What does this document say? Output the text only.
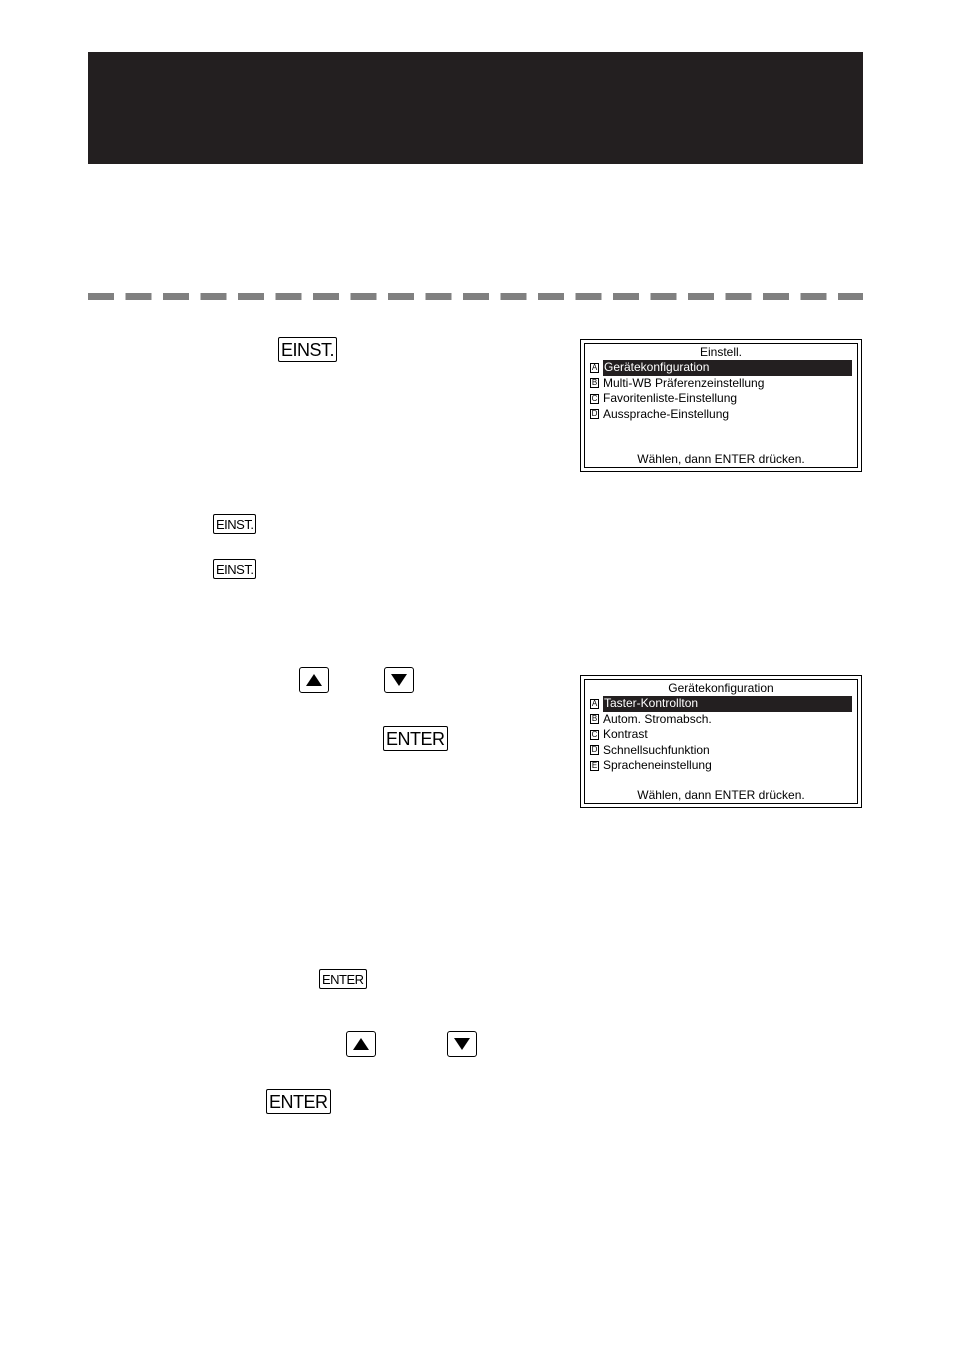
EINST.	Einstell.
A Gerätekonfiguration
B Multi-WB Präferenzeinstellung
C Favoritenliste-Einstellung
D Aussprache-Einstellung
Wählen, dann ENTER drücken.
EINST.
EINST.
ENTER
Gerätekonfiguration
A Taster-Kontrollton
B Autom. Stromabsch.
C Kontrast
D Schnellsuchfunktion
E Spracheneinstellung
Wählen, dann ENTER drücken.
ENTER
ENTER
